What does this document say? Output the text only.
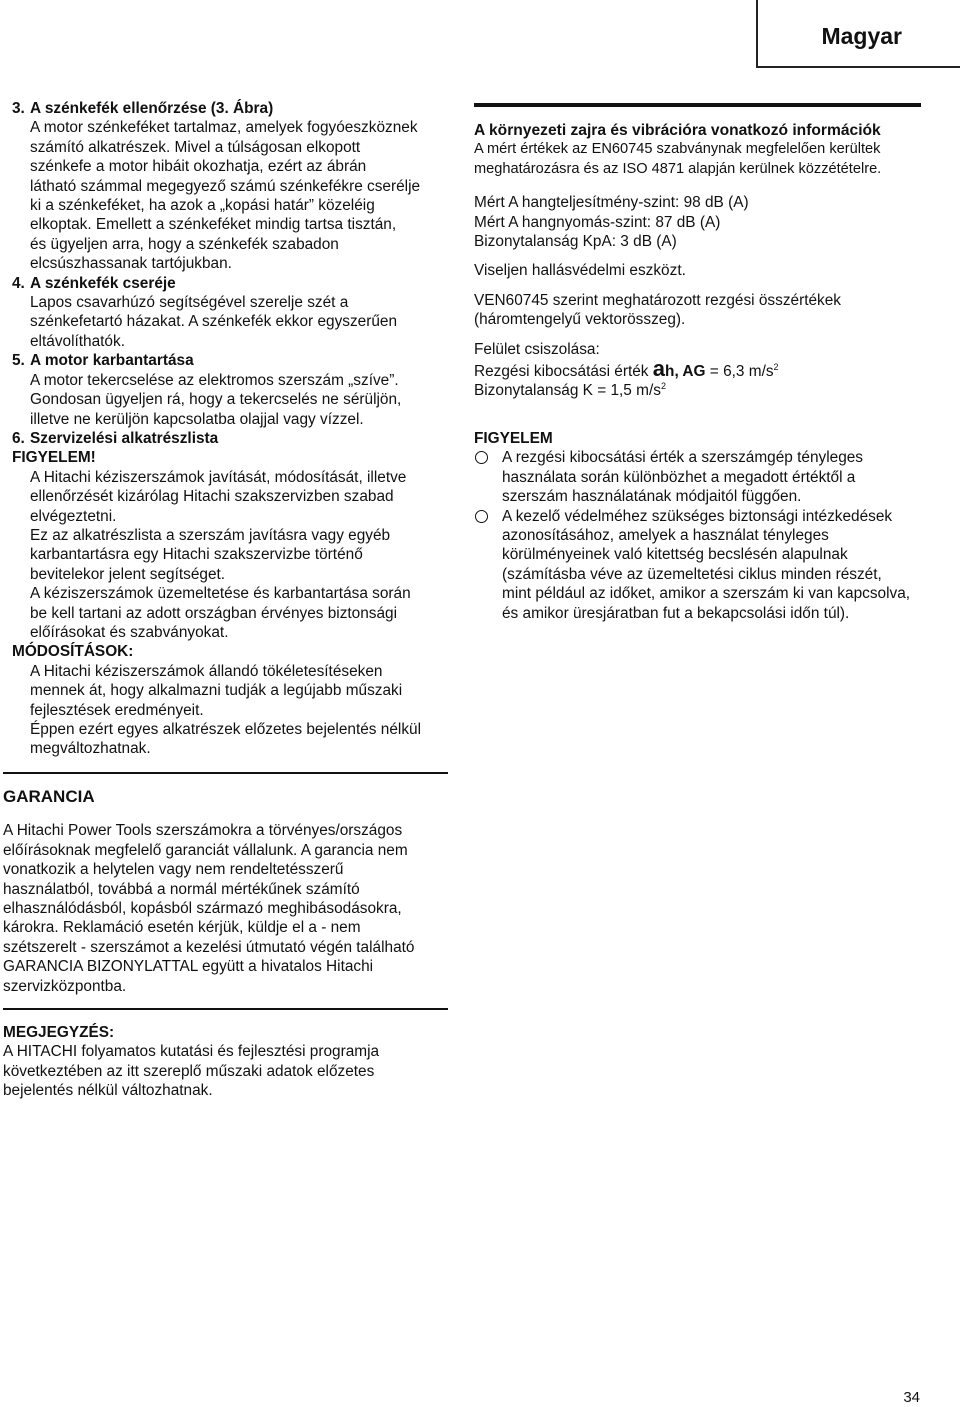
Magyar

3. A szénkefék ellenőrzése (3. Ábra)

A motor szénkeféket tartalmaz, amelyek fogyóeszköznek

számító alkatrészek. Mivel a túlságosan elkopott

szénkefe a motor hibáit okozhatja, ezért az ábrán

látható számmal megegyező számú szénkefékre cserélje

ki a szénkeféket, ha azok a „kopási határ” közeléig

elkoptak. Emellett a szénkeféket mindig tartsa tisztán,

és ügyeljen arra, hogy a szénkefék szabadon

elcsúszhassanak tartójukban.

4. A szénkefék cseréje

Lapos csavarhúzó segítségével szerelje szét a

szénkefetartó házakat. A szénkefék ekkor egyszerűen

eltávolíthatók.

5. A motor karbantartása

A motor tekercselése az elektromos szerszám „szíve”.

Gondosan ügyeljen rá, hogy a tekercselés ne sérüljön,

illetve ne kerüljön kapcsolatba olajjal vagy vízzel.

6. Szervizelési alkatrészlista

FIGYELEM!

A Hitachi kéziszerszámok javítását, módosítását, illetve

ellenőrzését kizárólag Hitachi szakszervizben szabad

elvégeztetni.

Ez az alkatrészlista a szerszám javításra vagy egyéb

karbantartásra egy Hitachi szakszervizbe történő

bevitelekor jelent segítséget.

A kéziszerszámok üzemeltetése és karbantartása során

be kell tartani az adott országban érvényes biztonsági

előírásokat és szabványokat.

MÓDOSÍTÁSOK:

A Hitachi kéziszerszámok állandó tökéletesítéseken

mennek át, hogy alkalmazni tudják a legújabb műszaki

fejlesztések eredményeit.

Éppen ezért egyes alkatrészek előzetes bejelentés nélkül

megváltozhatnak.

A környezeti zajra és vibrációra vonatkozó információk

A mért értékek az EN60745 szabványnak megfelelően kerültek

meghatározásra és az ISO 4871 alapján kerülnek közzétételre.

Mért A hangteljesítmény-szint: 98 dB (A)

Mért A hangnyomás-szint: 87 dB (A)

Bizonytalanság KpA: 3 dB (A)

Viseljen hallásvédelmi eszközt.

VEN60745 szerint meghatározott rezgési összértékek

(háromtengelyű vektorösszeg).

Felület csiszolása:

Rezgési kibocsátási érték ah, AG = 6,3 $m/s^2$

Bizonytalanság K = 1,5 $m/s^2$

FIGYELEM

A rezgési kibocsátási érték a szerszámgép tényleges

használata során különbözhet a megadott értéktől a

szerszám használatának módjaitól függően.

A kezelő védelméhez szükséges biztonsági intézkedések

azonosításához, amelyek a használat tényleges

körülményeinek való kitettség becslésén alapulnak

(számításba véve az üzemeltetési ciklus minden részét,

mint például az időket, amikor a szerszám ki van kapcsolva,

és amikor üresjáratban fut a bekapcsolási időn túl).

GARANCIA

A Hitachi Power Tools szerszámokra a törvényes/országos

előírásoknak megfelelő garanciát vállalunk. A garancia nem

vonatkozik a helytelen vagy nem rendeltetésszerű

használatból, továbbá a normál mértékűnek számító

elhasználódásból, kopásból származó meghibásodásokra,

károkra. Reklamáció esetén kérjük, küldje el a - nem

szétszerelt - szerszámot a kezelési útmutató végén található

GARANCIA BIZONYLATTAL együtt a hivatalos Hitachi

szervizközpontba.

MEGJEGYZÉS:

A HITACHI folyamatos kutatási és fejlesztési programja

következtében az itt szereplő műszaki adatok előzetes

bejelentés nélkül változhatnak.

34
